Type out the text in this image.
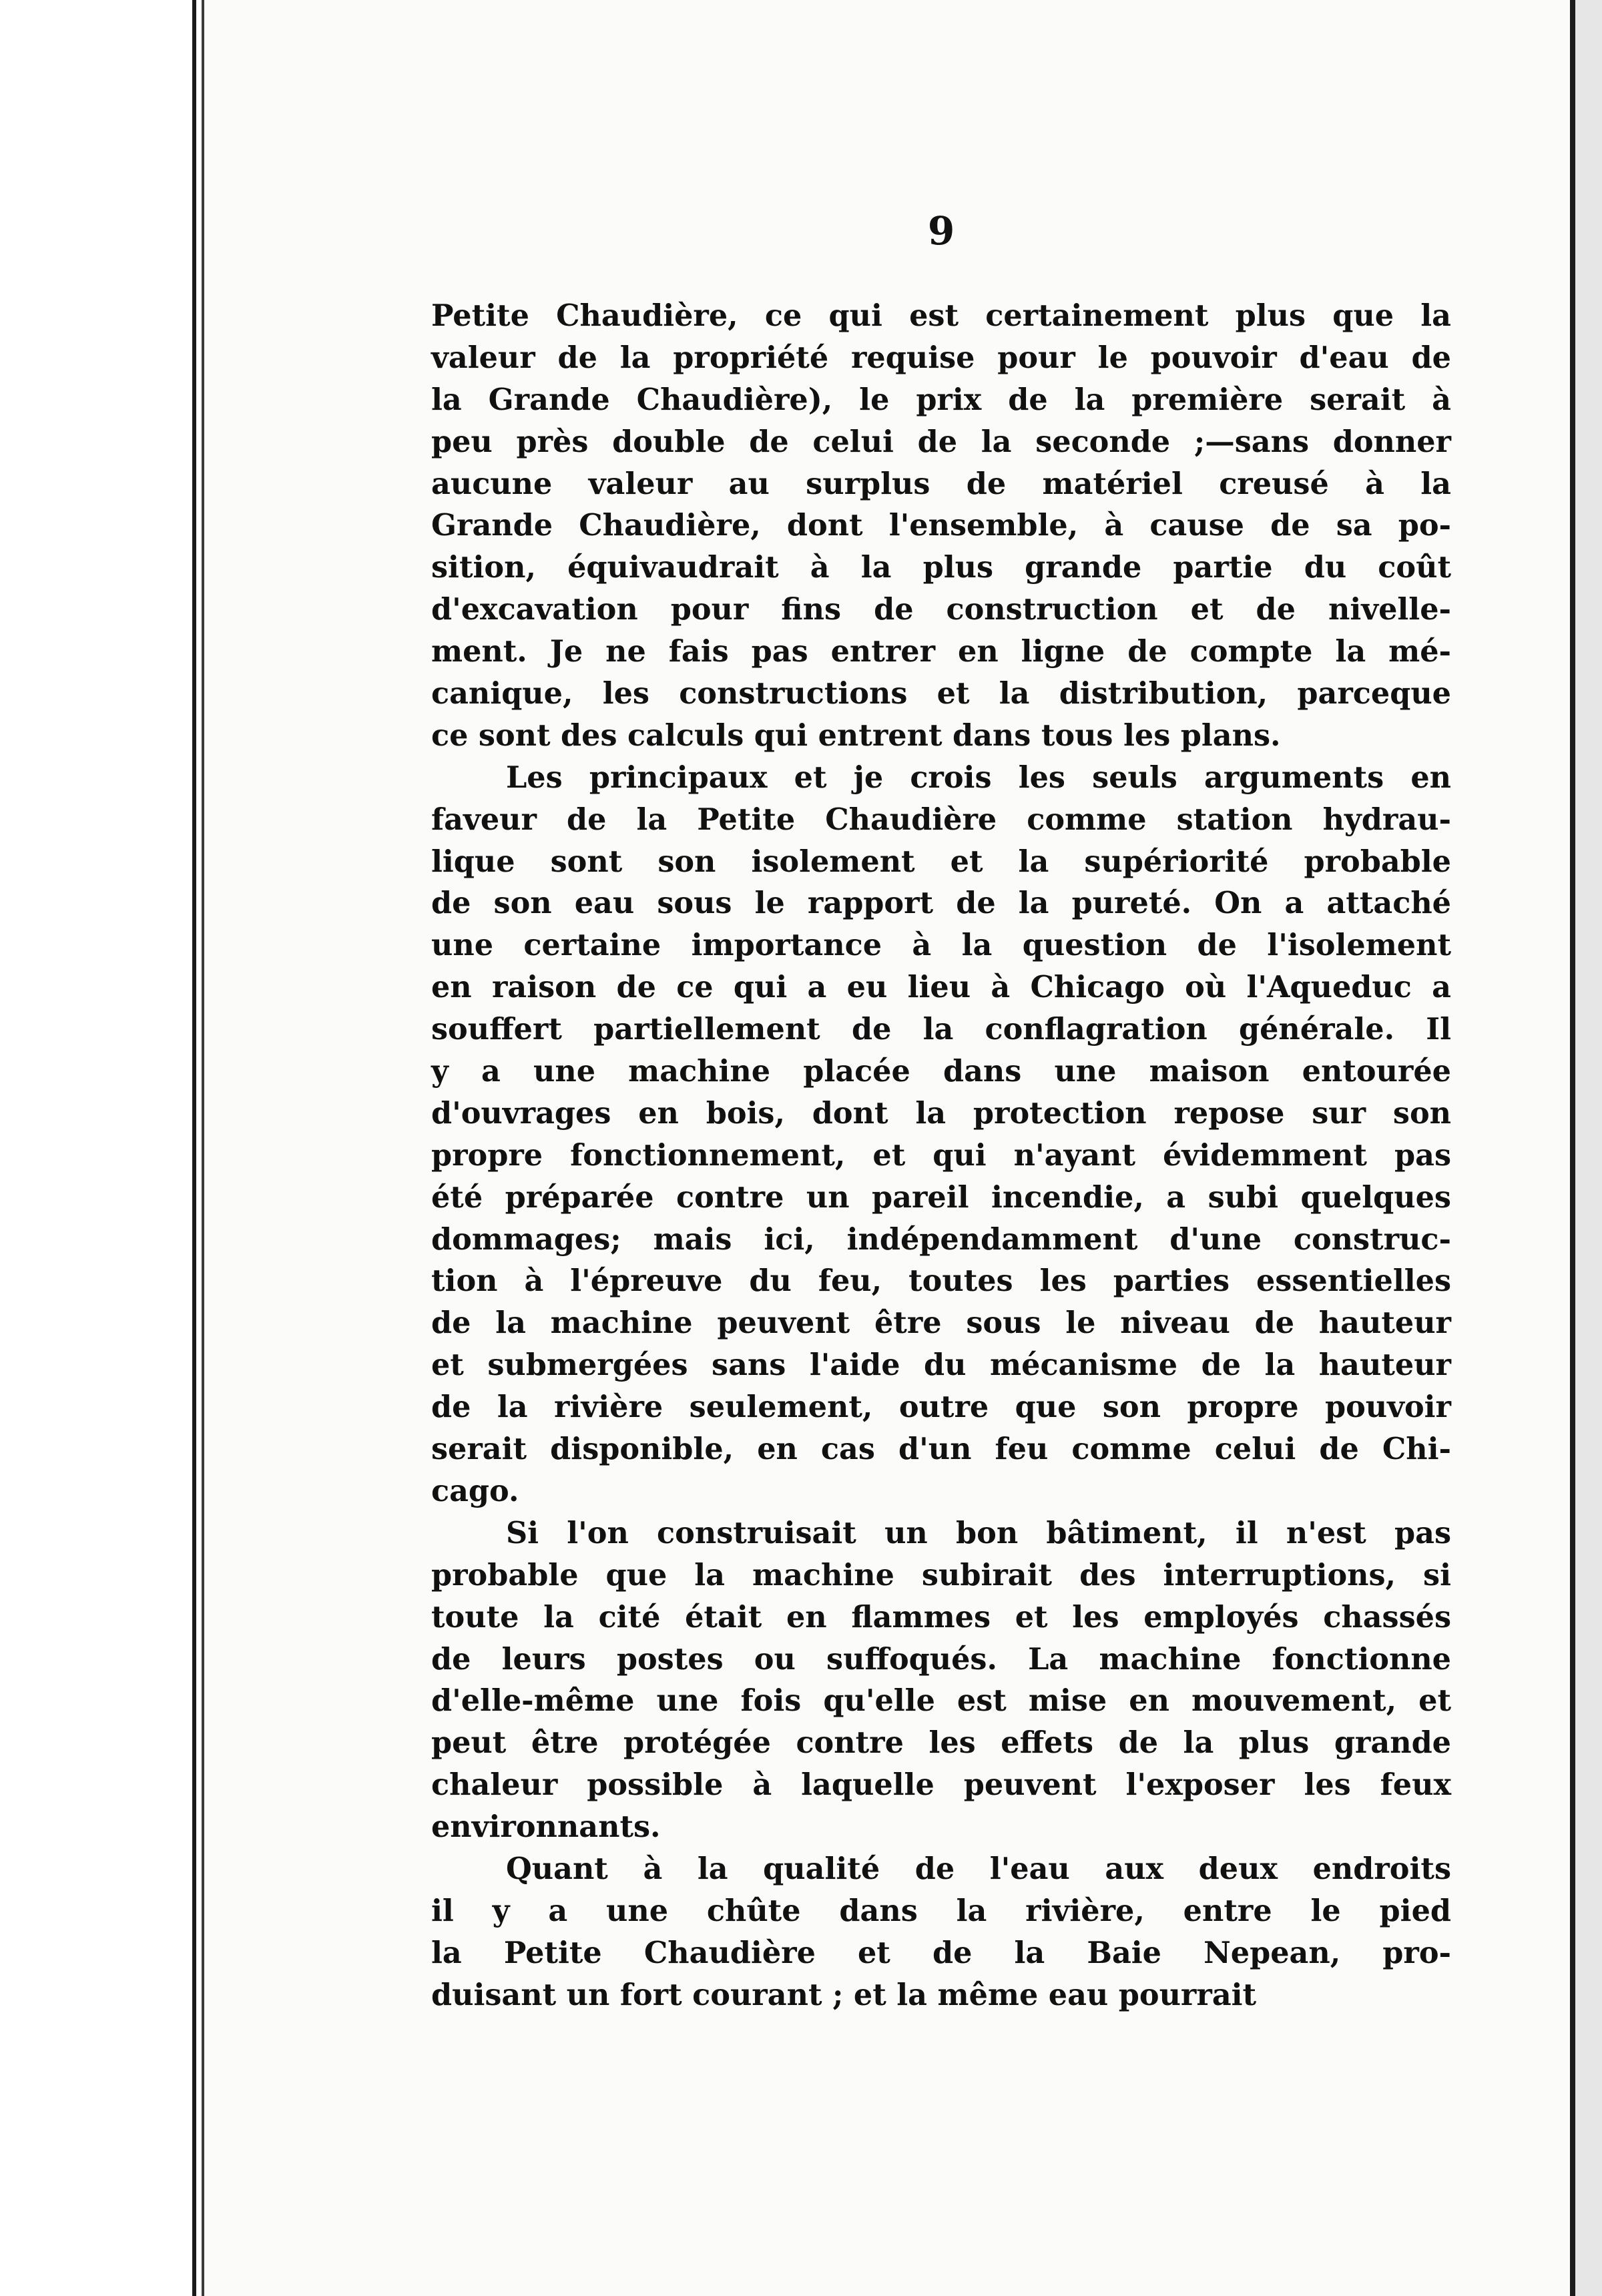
9
Petite Chaudière, ce qui est certainement plus que la
valeur de la propriété requise pour le pouvoir d'eau de
la Grande Chaudière), le prix de la première serait à
peu près double de celui de la seconde ;—sans donner
aucune valeur au surplus de matériel creusé à la
Grande Chaudière, dont l'ensemble, à cause de sa po-
sition, équivaudrait à la plus grande partie du coût
d'excavation pour fins de construction et de nivelle-
ment. Je ne fais pas entrer en ligne de compte la mé-
canique, les constructions et la distribution, parceque
ce sont des calculs qui entrent dans tous les plans.
Les principaux et je crois les seuls arguments en
faveur de la Petite Chaudière comme station hydrau-
lique sont son isolement et la supériorité probable
de son eau sous le rapport de la pureté. On a attaché
une certaine importance à la question de l'isolement
en raison de ce qui a eu lieu à Chicago où l'Aqueduc a
souffert partiellement de la conflagration générale. Il
y a une machine placée dans une maison entourée
d'ouvrages en bois, dont la protection repose sur son
propre fonctionnement, et qui n'ayant évidemment pas
été préparée contre un pareil incendie, a subi quelques
dommages; mais ici, indépendamment d'une construc-
tion à l'épreuve du feu, toutes les parties essentielles
de la machine peuvent être sous le niveau de hauteur
et submergées sans l'aide du mécanisme de la hauteur
de la rivière seulement, outre que son propre pouvoir
serait disponible, en cas d'un feu comme celui de Chi-
cago.
Si l'on construisait un bon bâtiment, il n'est pas
probable que la machine subirait des interruptions, si
toute la cité était en flammes et les employés chassés
de leurs postes ou suffoqués. La machine fonctionne
d'elle-même une fois qu'elle est mise en mouvement, et
peut être protégée contre les effets de la plus grande
chaleur possible à laquelle peuvent l'exposer les feux
environnants.
Quant à la qualité de l'eau aux deux endroits
il y a une chûte dans la rivière, entre le pied
la Petite Chaudière et de la Baie Nepean, pro-
duisant un fort courant ; et la même eau pourrait
